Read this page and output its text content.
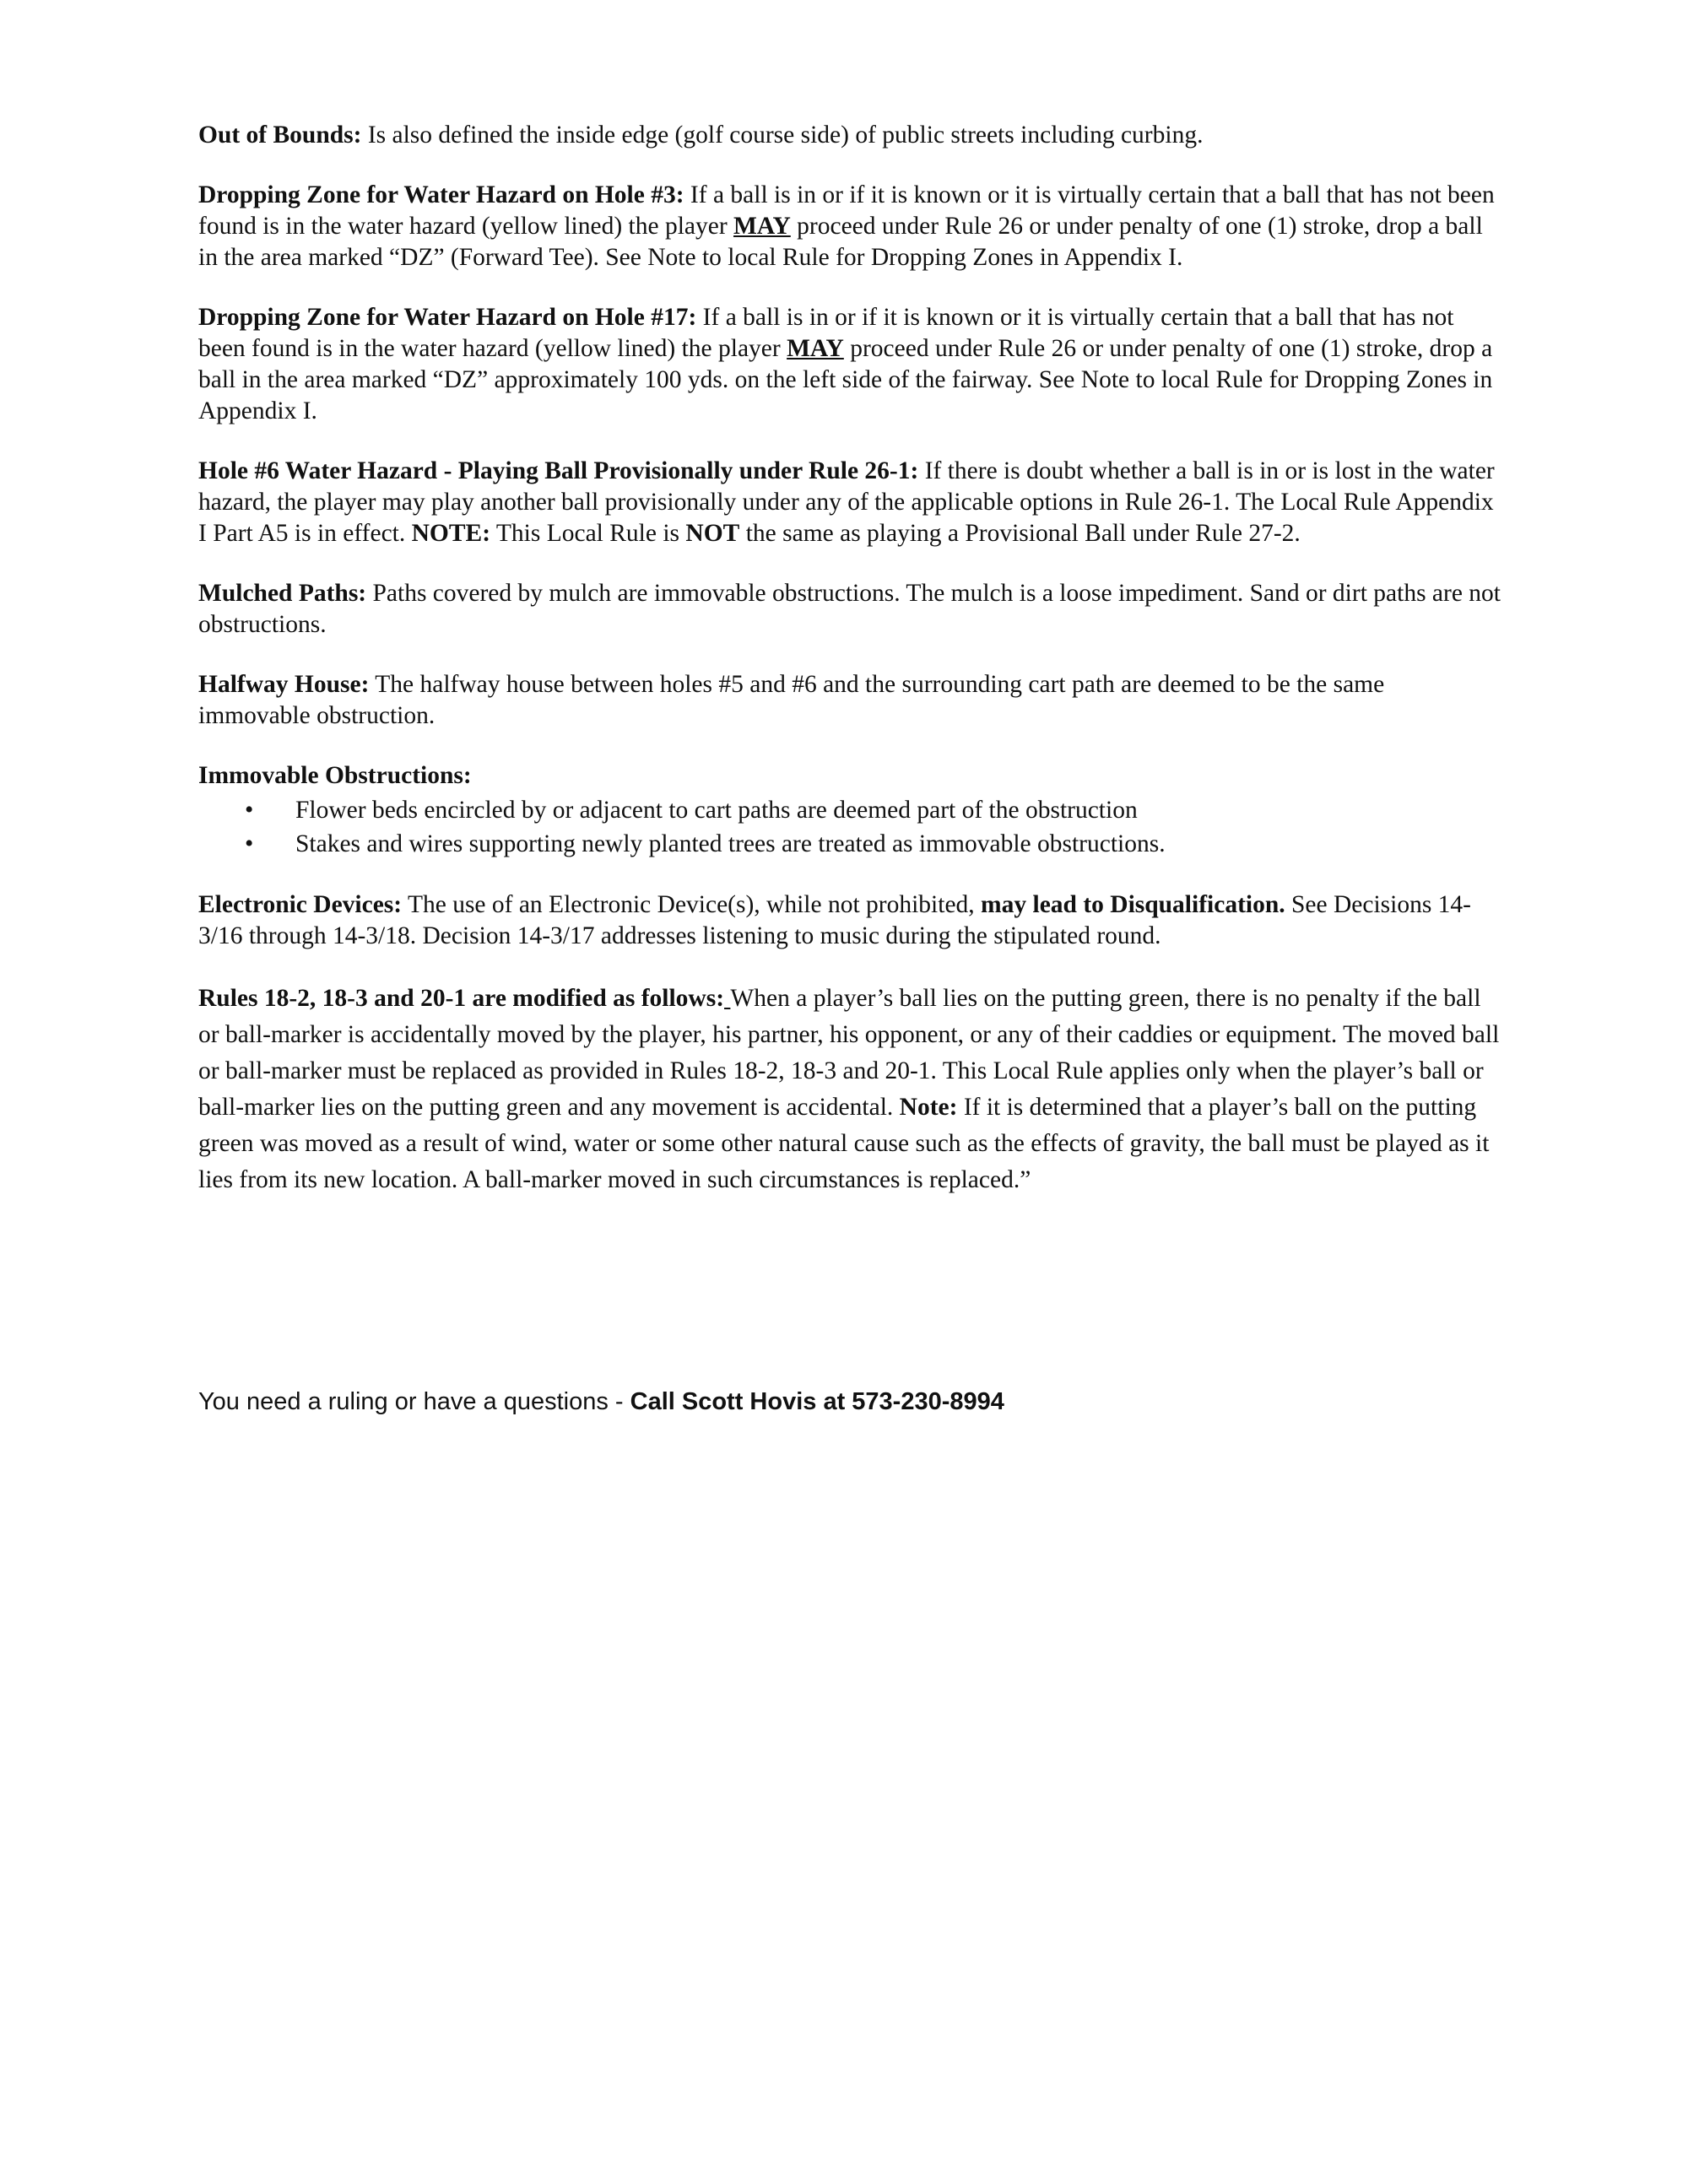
Out of Bounds: Is also defined the inside edge (golf course side) of public streets including curbing.

Dropping Zone for Water Hazard on Hole #3: If a ball is in or if it is known or it is virtually certain that a ball that has not been found is in the water hazard (yellow lined) the player MAY proceed under Rule 26 or under penalty of one (1) stroke, drop a ball in the area marked “DZ” (Forward Tee). See Note to local Rule for Dropping Zones in Appendix I.

Dropping Zone for Water Hazard on Hole #17: If a ball is in or if it is known or it is virtually certain that a ball that has not been found is in the water hazard (yellow lined) the player MAY proceed under Rule 26 or under penalty of one (1) stroke, drop a ball in the area marked “DZ” approximately 100 yds. on the left side of the fairway. See Note to local Rule for Dropping Zones in Appendix I.

Hole #6 Water Hazard - Playing Ball Provisionally under Rule 26-1: If there is doubt whether a ball is in or is lost in the water hazard, the player may play another ball provisionally under any of the applicable options in Rule 26-1. The Local Rule Appendix I Part A5 is in effect. NOTE: This Local Rule is NOT the same as playing a Provisional Ball under Rule 27-2.

Mulched Paths: Paths covered by mulch are immovable obstructions. The mulch is a loose impediment. Sand or dirt paths are not obstructions.

Halfway House: The halfway house between holes #5 and #6 and the surrounding cart path are deemed to be the same immovable obstruction.

Immovable Obstructions:
• Flower beds encircled by or adjacent to cart paths are deemed part of the obstruction
• Stakes and wires supporting newly planted trees are treated as immovable obstructions.

Electronic Devices: The use of an Electronic Device(s), while not prohibited, may lead to Disqualification. See Decisions 14-3/16 through 14-3/18. Decision 14-3/17 addresses listening to music during the stipulated round.

Rules 18-2, 18-3 and 20-1 are modified as follows: When a player’s ball lies on the putting green, there is no penalty if the ball or ball-marker is accidentally moved by the player, his partner, his opponent, or any of their caddies or equipment. The moved ball or ball-marker must be replaced as provided in Rules 18-2, 18-3 and 20-1. This Local Rule applies only when the player’s ball or ball-marker lies on the putting green and any movement is accidental. Note: If it is determined that a player’s ball on the putting green was moved as a result of wind, water or some other natural cause such as the effects of gravity, the ball must be played as it lies from its new location. A ball-marker moved in such circumstances is replaced.”

You need a ruling or have a questions - Call Scott Hovis at 573-230-8994
